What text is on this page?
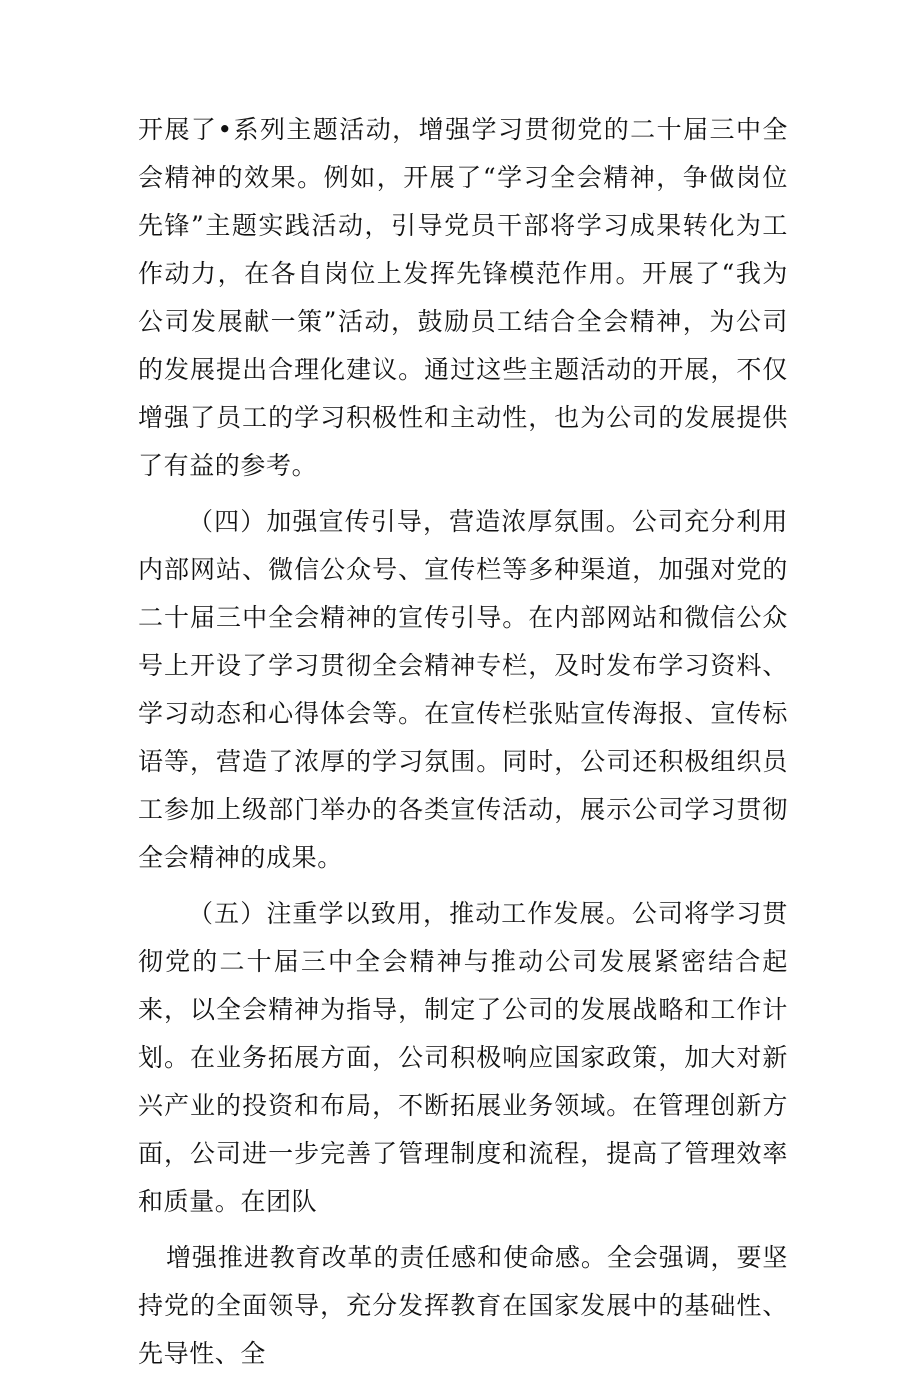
开展了•系列主题活动，增强学习贯彻党的二十届三中全会精神的效果。例如，开展了“学习全会精神，争做岗位先锋”主题实践活动，引导党员干部将学习成果转化为工作动力，在各自岗位上发挥先锋模范作用。开展了“我为公司发展献一策”活动，鼓励员工结合全会精神，为公司的发展提出合理化建议。通过这些主题活动的开展，不仅增强了员工的学习积极性和主动性，也为公司的发展提供了有益的参考。

（四）加强宣传引导，营造浓厚氛围。公司充分利用内部网站、微信公众号、宣传栏等多种渠道，加强对党的二十届三中全会精神的宣传引导。在内部网站和微信公众号上开设了学习贯彻全会精神专栏，及时发布学习资料、学习动态和心得体会等。在宣传栏张贴宣传海报、宣传标语等，营造了浓厚的学习氛围。同时，公司还积极组织员工参加上级部门举办的各类宣传活动，展示公司学习贯彻全会精神的成果。

（五）注重学以致用，推动工作发展。公司将学习贯彻党的二十届三中全会精神与推动公司发展紧密结合起来，以全会精神为指导，制定了公司的发展战略和工作计划。在业务拓展方面，公司积极响应国家政策，加大对新兴产业的投资和布局，不断拓展业务领域。在管理创新方面，公司进一步完善了管理制度和流程，提高了管理效率和质量。在团队

增强推进教育改革的责任感和使命感。全会强调，要坚持党的全面领导，充分发挥教育在国家发展中的基础性、先导性、全
